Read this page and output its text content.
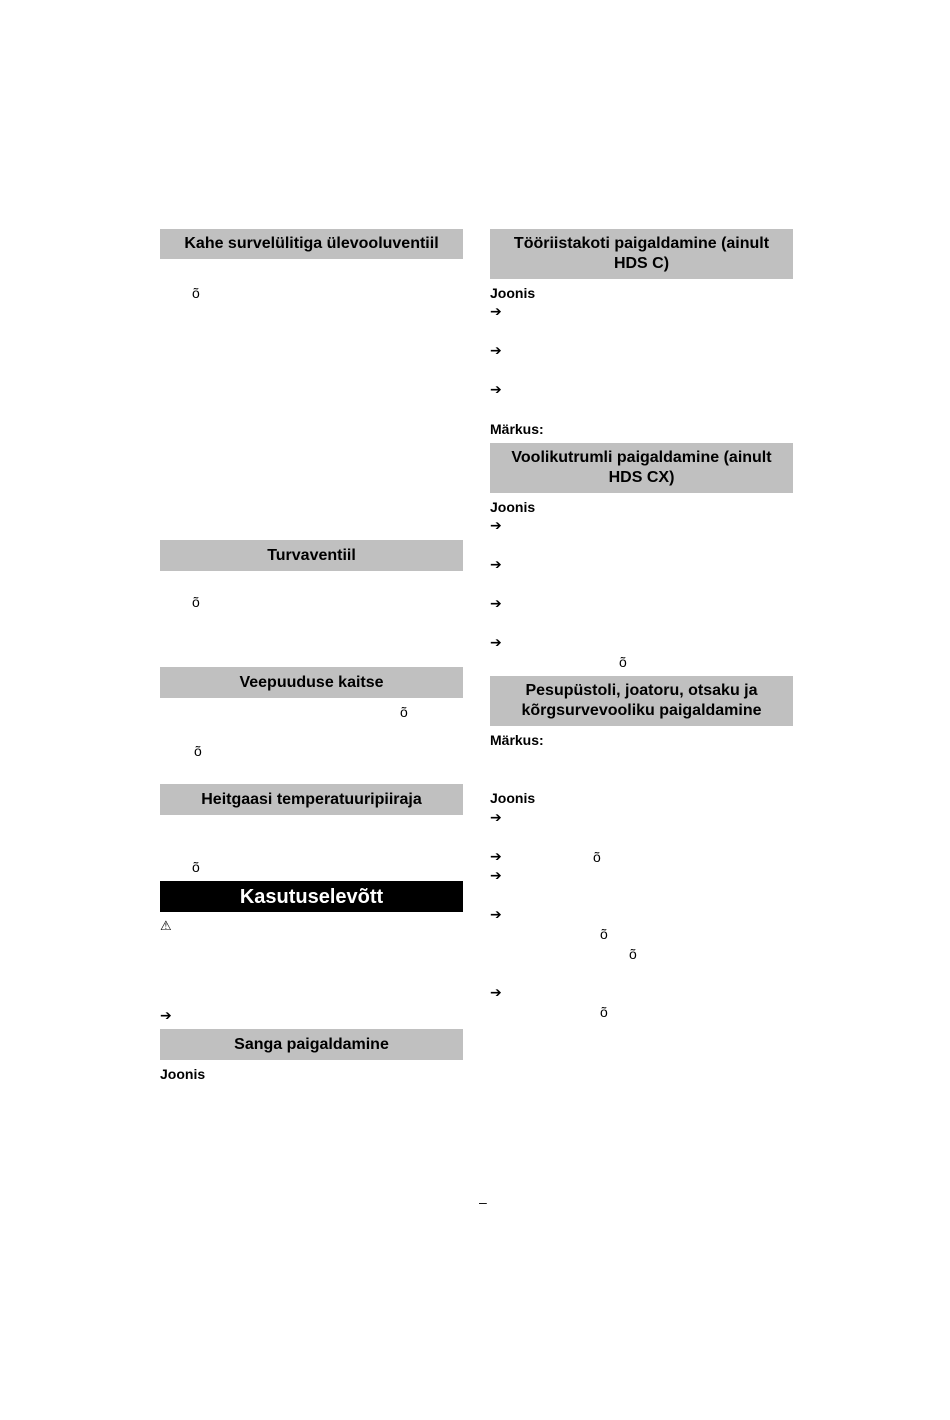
Kahe survelülitiga ülevooluventiil
õ
Turvaventiil
õ
Veepuuduse kaitse
õ
õ
Heitgaasi temperatuuripiiraja
õ
Kasutuselevõtt
⚠
➔
Sanga paigaldamine
Joonis
Tööriistakoti paigaldamine (ainult HDS C)
Joonis
➔
➔
➔
Märkus:
Voolikutrumli paigaldamine (ainult HDS CX)
Joonis
➔
➔
➔
➔
õ
Pesupüstoli, joatoru, otsaku ja kõrgsurvevooliku paigaldamine
Märkus:
Joonis
➔
➔	õ
➔
➔
õ
õ
➔
õ
–
